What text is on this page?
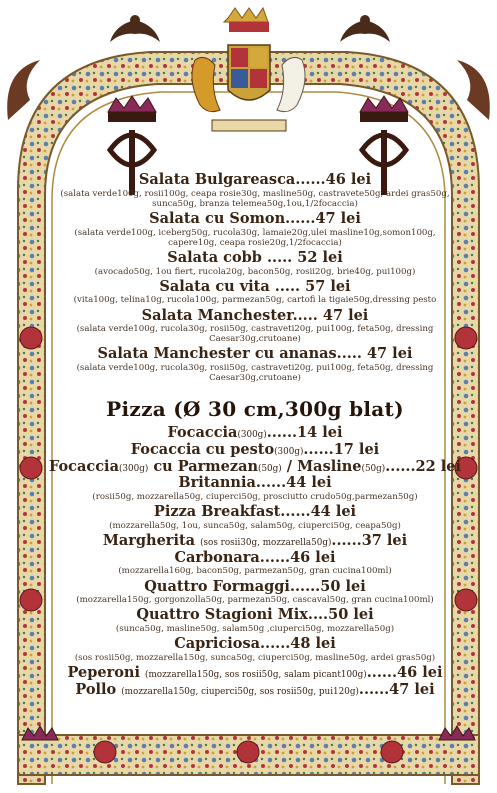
Salata Bulgareasca......46 lei
(salata verde100g, rosii100g, ceapa rosie30g, masline50g, castravete50g, ardei gras50g, sunca50g, branza telemea50g,1ou,1/2focaccia)
Salata cu Somon......47 lei
(salata verde100g, iceberg50g, rucola30g, lamaie20g,ulei masline10g,somon100g, capere10g, ceapa rosie20g,1/2focaccia)
Salata cobb ..... 52 lei
(avocado50g, 1ou fiert, rucola20g, bacon50g, rosii20g, brie40g, pui100g)
Salata cu vita ..... 57 lei
(vita100g, telina10g, rucola100g, parmezan50g, cartofi la tigaie50g,dressing pesto
Salata Manchester..... 47 lei
(salata verde100g, rucola30g, rosii50g, castraveti20g, pui100g, feta50g, dressing Caesar30g,crutoane)
Salata Manchester cu ananas..... 47 lei
(salata verde100g, rucola30g, rosii50g, castraveti20g, pui100g, feta50g, dressing Caesar30g,crutoane)
Pizza (Ø 30 cm,300g blat)
Focaccia(300g)......14 lei
Focaccia cu pesto(300g)......17 lei
Focaccia(300g) cu Parmezan(50g) / Masline(50g)......22 lei
Britannia......44 lei
(rosii50g, mozzarella50g, ciuperci50g, prosciutto crudo50g,parmezan50g)
Pizza Breakfast......44 lei
(mozzarella50g, 1ou, sunca50g, salam50g, ciuperci50g, ceapa50g)
Margherita (sos rosii30g, mozzarella50g)......37 lei
Carbonara......46 lei
(mozzarella160g, bacon50g, parmezan50g, gran cucina100ml)
Quattro Formaggi......50 lei
(mozzarella150g, gorgonzolla50g, parmezan50g, cascaval50g, gran cucina100ml)
Quattro Stagioni Mix....50 lei
(sunca50g, masline50g, salam50g ,ciuperci50g, mozzarella50g)
Capriciosa......48 lei
(sos rosii50g, mozzarella150g, sunca50g, ciuperci50g, masline50g, ardei gras50g)
Peperoni (mozzarella150g, sos rosii50g, salam picant100g)......46 lei
Pollo (mozzarella150g, ciuperci50g, sos rosii50g, pui120g)......47 lei
